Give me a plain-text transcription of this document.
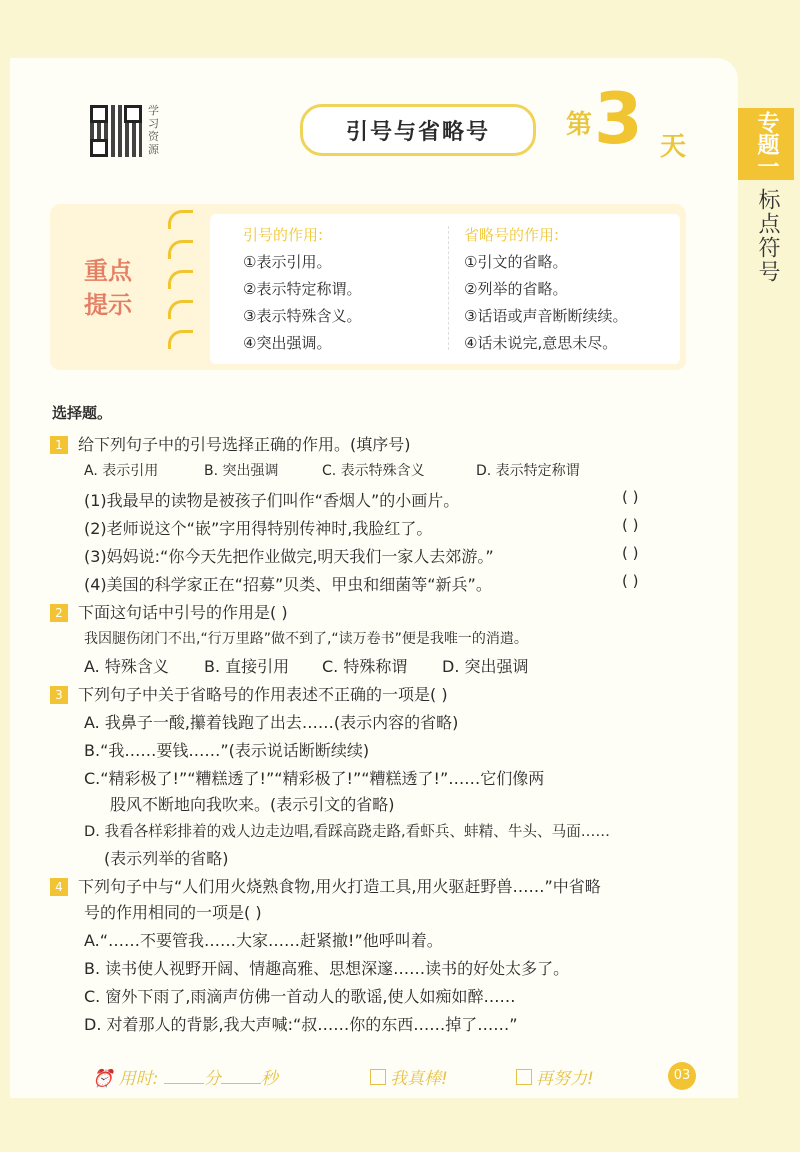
学习资源
引号与省略号	第 3 天	专题一
标点符号
重点
提示
引号的作用:
①表示引用。
②表示特定称谓。
③表示特殊含义。
④突出强调。
省略号的作用:
①引文的省略。
②列举的省略。
③话语或声音断断续续。
④话未说完,意思未尽。
选择题。
1 给下列句子中的引号选择正确的作用。(填序号)
A. 表示引用	B. 突出强调	C. 表示特殊含义	D. 表示特定称谓
(1)我最早的读物是被孩子们叫作“香烟人”的小画片。	( )
(2)老师说这个“嵌”字用得特别传神时,我脸红了。	( )
(3)妈妈说:“你今天先把作业做完,明天我们一家人去郊游。”	( )
(4)美国的科学家正在“招募”贝类、甲虫和细菌等“新兵”。	( )
2 下面这句话中引号的作用是( )
我因腿伤闭门不出,“行万里路”做不到了,“读万卷书”便是我唯一的消遣。
A. 特殊含义 B. 直接引用 C. 特殊称谓 D. 突出强调
3 下列句子中关于省略号的作用表述不正确的一项是( )
A. 我鼻子一酸,攥着钱跑了出去……(表示内容的省略)
B.“我……要钱……”(表示说话断断续续)
C.“精彩极了!”“糟糕透了!”“精彩极了!”“糟糕透了!”……它们像两
股风不断地向我吹来。(表示引文的省略)
D. 我看各样彩排着的戏人边走边唱,看踩高跷走路,看虾兵、蚌精、牛头、马面……
(表示列举的省略)
4 下列句子中与“人们用火烧熟食物,用火打造工具,用火驱赶野兽……”中省略
号的作用相同的一项是( )
A.“……不要管我……大家……赶紧撤!”他呼叫着。
B. 读书使人视野开阔、情趣高雅、思想深邃……读书的好处太多了。
C. 窗外下雨了,雨滴声仿佛一首动人的歌谣,使人如痴如醉……
D. 对着那人的背影,我大声喊:“叔……你的东西……掉了……”
⏰ 用时:	分 秒	我真棒!	再努力!	03
